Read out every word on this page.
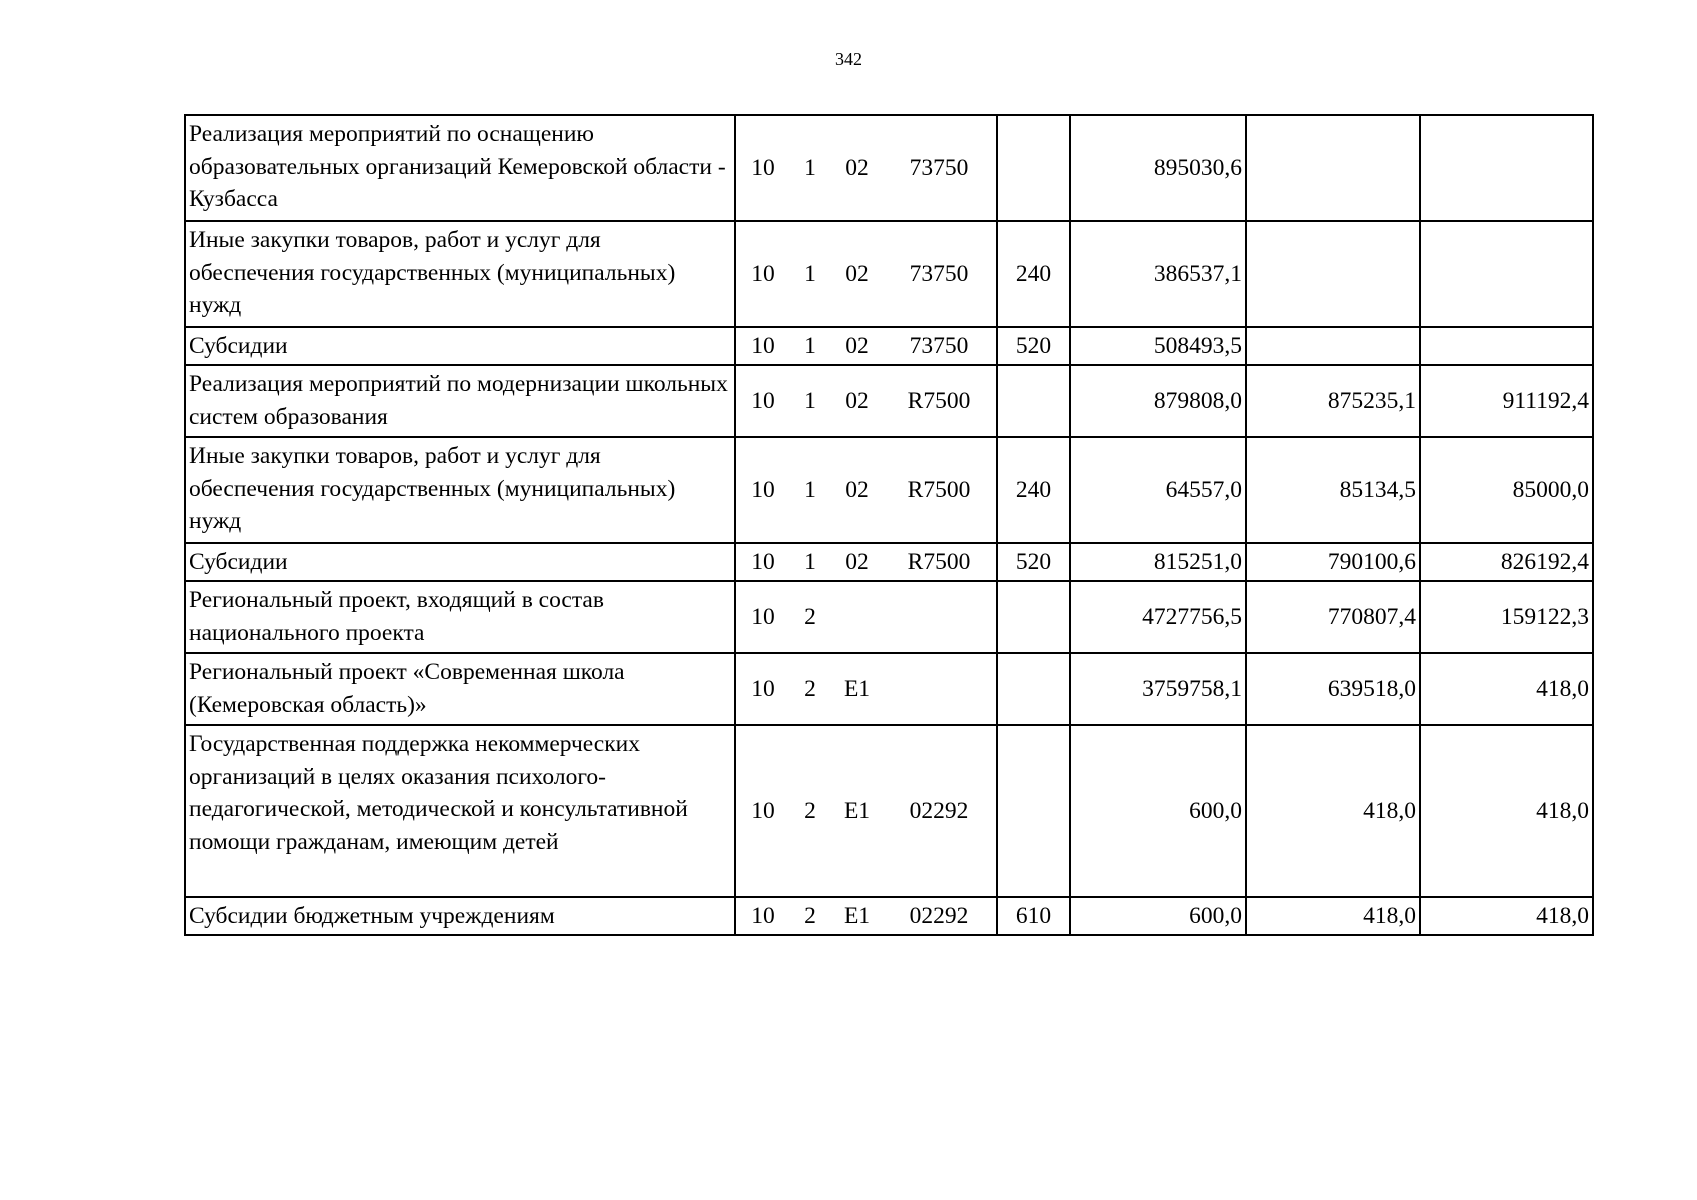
342
Реализация мероприятий по оснащению образовательных организаций Кемеровской области - Кузбасса	10 1 02 73750		895030,6		
Иные закупки товаров, работ и услуг для обеспечения государственных (муниципальных) нужд	10 1 02 73750	240	386537,1		
Субсидии	10 1 02 73750	520	508493,5		
Реализация мероприятий по модернизации школьных систем образования	10 1 02 R7500		879808,0	875235,1	911192,4
Иные закупки товаров, работ и услуг для обеспечения государственных (муниципальных) нужд	10 1 02 R7500	240	64557,0	85134,5	85000,0
Субсидии	10 1 02 R7500	520	815251,0	790100,6	826192,4
Региональный проект, входящий в состав национального проекта	10 2		4727756,5	770807,4	159122,3
Региональный проект «Современная школа (Кемеровская область)»	10 2 E1		3759758,1	639518,0	418,0
Государственная поддержка некоммерческих организаций в целях оказания психолого-педагогической, методической и консультативной помощи гражданам, имеющим детей	10 2 E1 02292		600,0	418,0	418,0
Субсидии бюджетным учреждениям	10 2 E1 02292	610	600,0	418,0	418,0
